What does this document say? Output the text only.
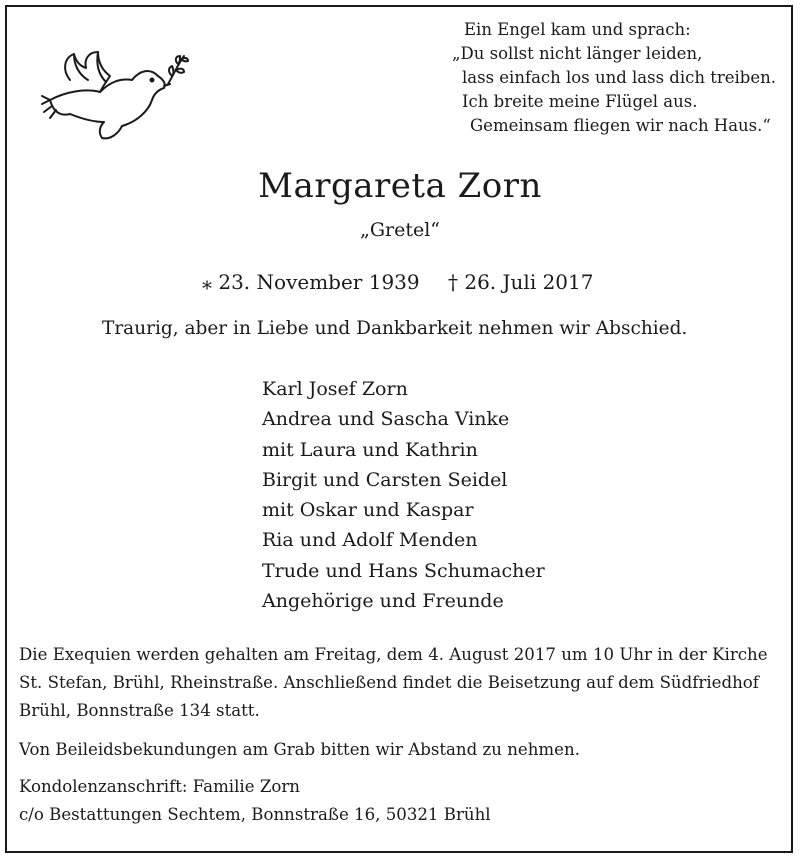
Ein Engel kam und sprach:
„Du sollst nicht länger leiden,
lass einfach los und lass dich treiben.
Ich breite meine Flügel aus.
Gemeinsam fliegen wir nach Haus.“
Margareta Zorn
„Gretel“
⁎ 23. November 1939 † 26. Juli 2017
Traurig, aber in Liebe und Dankbarkeit nehmen wir Abschied.
Karl Josef Zorn
Andrea und Sascha Vinke
mit Laura und Kathrin
Birgit und Carsten Seidel
mit Oskar und Kaspar
Ria und Adolf Menden
Trude und Hans Schumacher
Angehörige und Freunde
Die Exequien werden gehalten am Freitag, dem 4. August 2017 um 10 Uhr in der Kirche
St. Stefan, Brühl, Rheinstraße. Anschließend findet die Beisetzung auf dem Südfriedhof
Brühl, Bonnstraße 134 statt.
Von Beileidsbekundungen am Grab bitten wir Abstand zu nehmen.
Kondolenzanschrift: Familie Zorn
c/o Bestattungen Sechtem, Bonnstraße 16, 50321 Brühl
